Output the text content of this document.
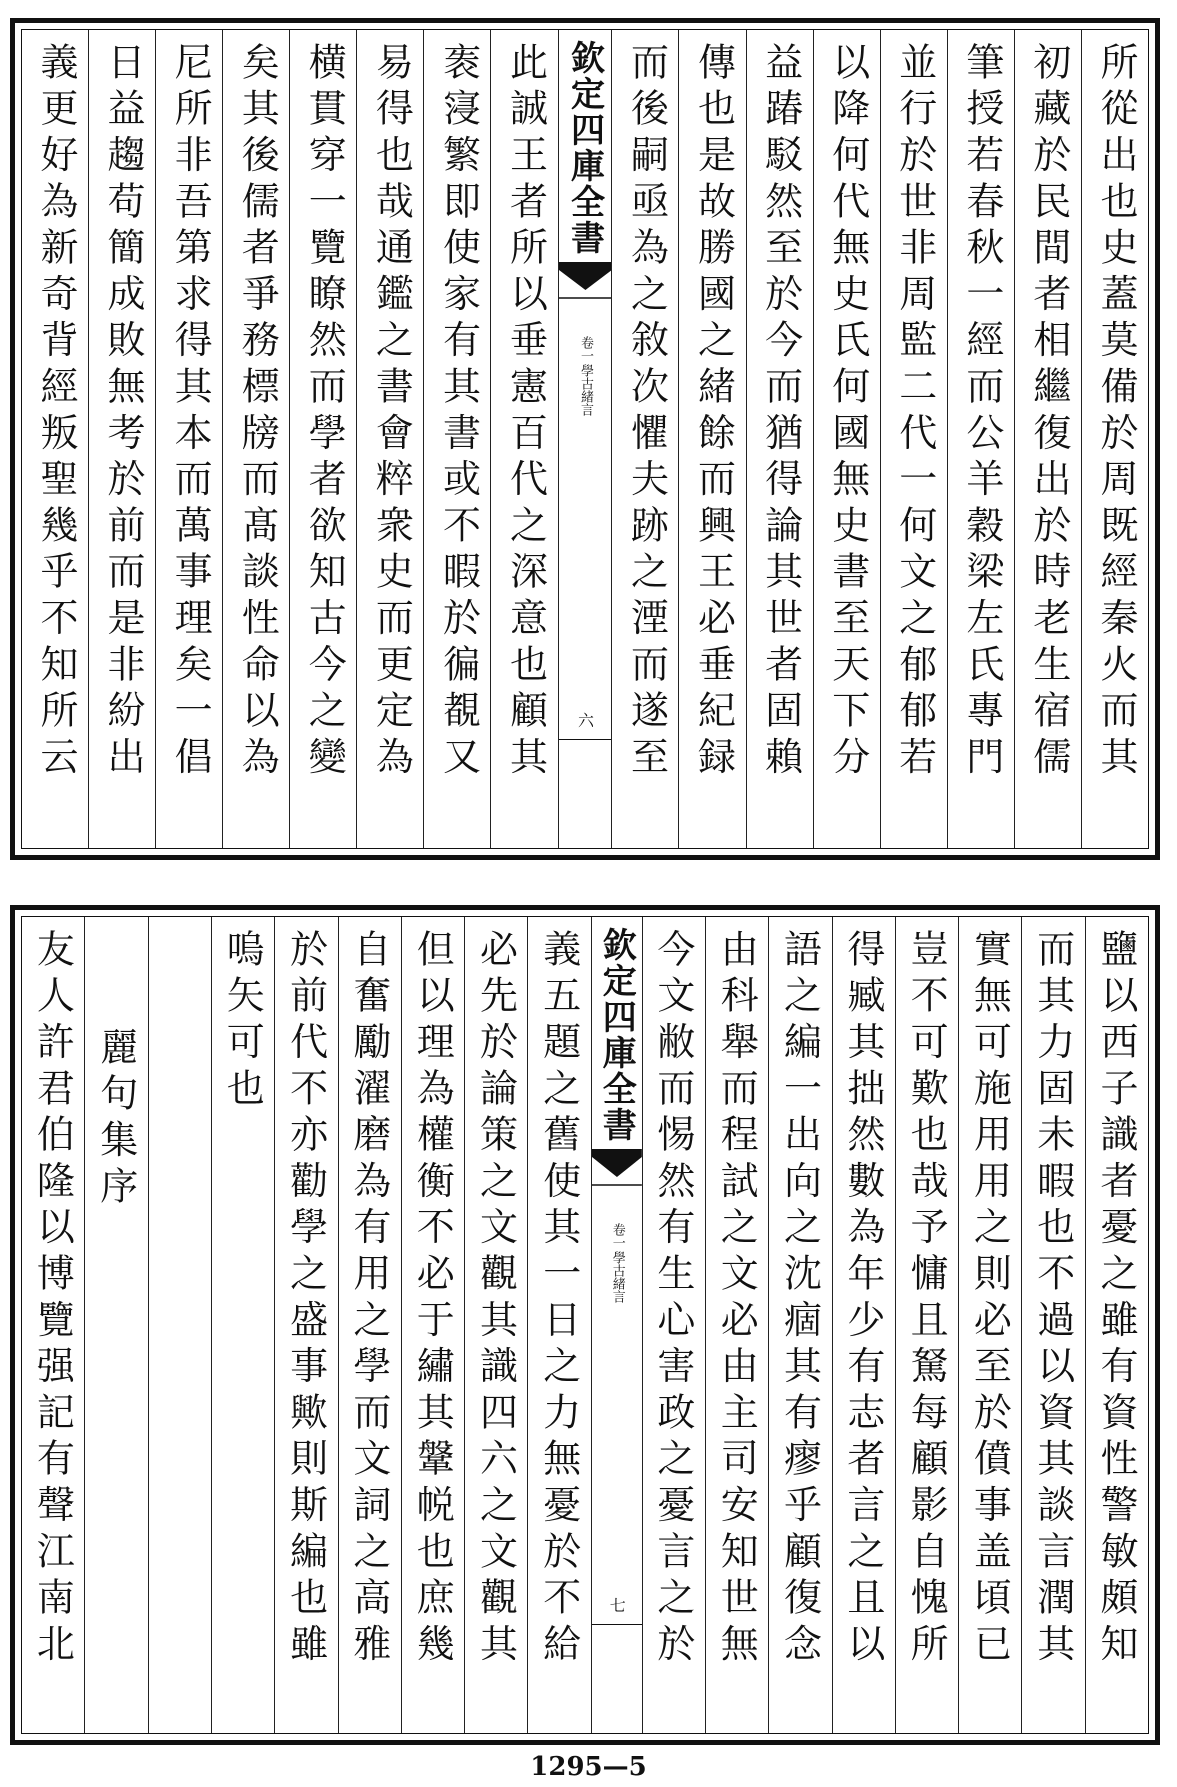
所從出也史蓋莫備於周既經秦火而其
初藏於民間者相繼復出於時老生宿儒
筆授若春秋一經而公羊穀梁左氏專門
並行於世非周監二代一何文之郁郁若
以降何代無史氏何國無史書至天下分
益踳駁然至於今而猶得論其世者固賴
傳也是故勝國之緒餘而興王必垂紀録
而後嗣亟為之敘次懼夫跡之湮而遂至
欽定四庫全書
學古緒言
卷一
六
此誠王者所以垂憲百代之深意也顧其
袠寖繁即使家有其書或不暇於徧覩又
易得也哉通鑑之書會粹衆史而更定為
横貫穿一覽瞭然而學者欲知古今之變
矣其後儒者爭務標牓而髙談性命以為
尼所非吾第求得其本而萬事理矣一倡
日益趨苟簡成敗無考於前而是非紛出
義更好為新奇背經叛聖幾乎不知所云
鹽以西子識者憂之雖有資性警敏頗知
而其力固未暇也不過以資其談言潤其
實無可施用用之則必至於僨事盖頃已
豈不可歎也哉予慵且駑每顧影自愧所
得臧其拙然數為年少有志者言之且以
語之編一出向之沈痼其有瘳乎顧復念
由科舉而程試之文必由主司安知世無
今文敝而惕然有生心害政之憂言之於
欽定四庫全書
學古緒言
卷一
七
義五題之舊使其一日之力無憂於不給
必先於論策之文觀其識四六之文觀其
但以理為權衡不必于繡其鞶帨也庶幾
自奮勵濯磨為有用之學而文詞之高雅
於前代不亦勸學之盛事歟則斯編也雖
嗚矢可也
麗句集序
友人許君伯隆以博覽强記有聲江南北
1295—5
